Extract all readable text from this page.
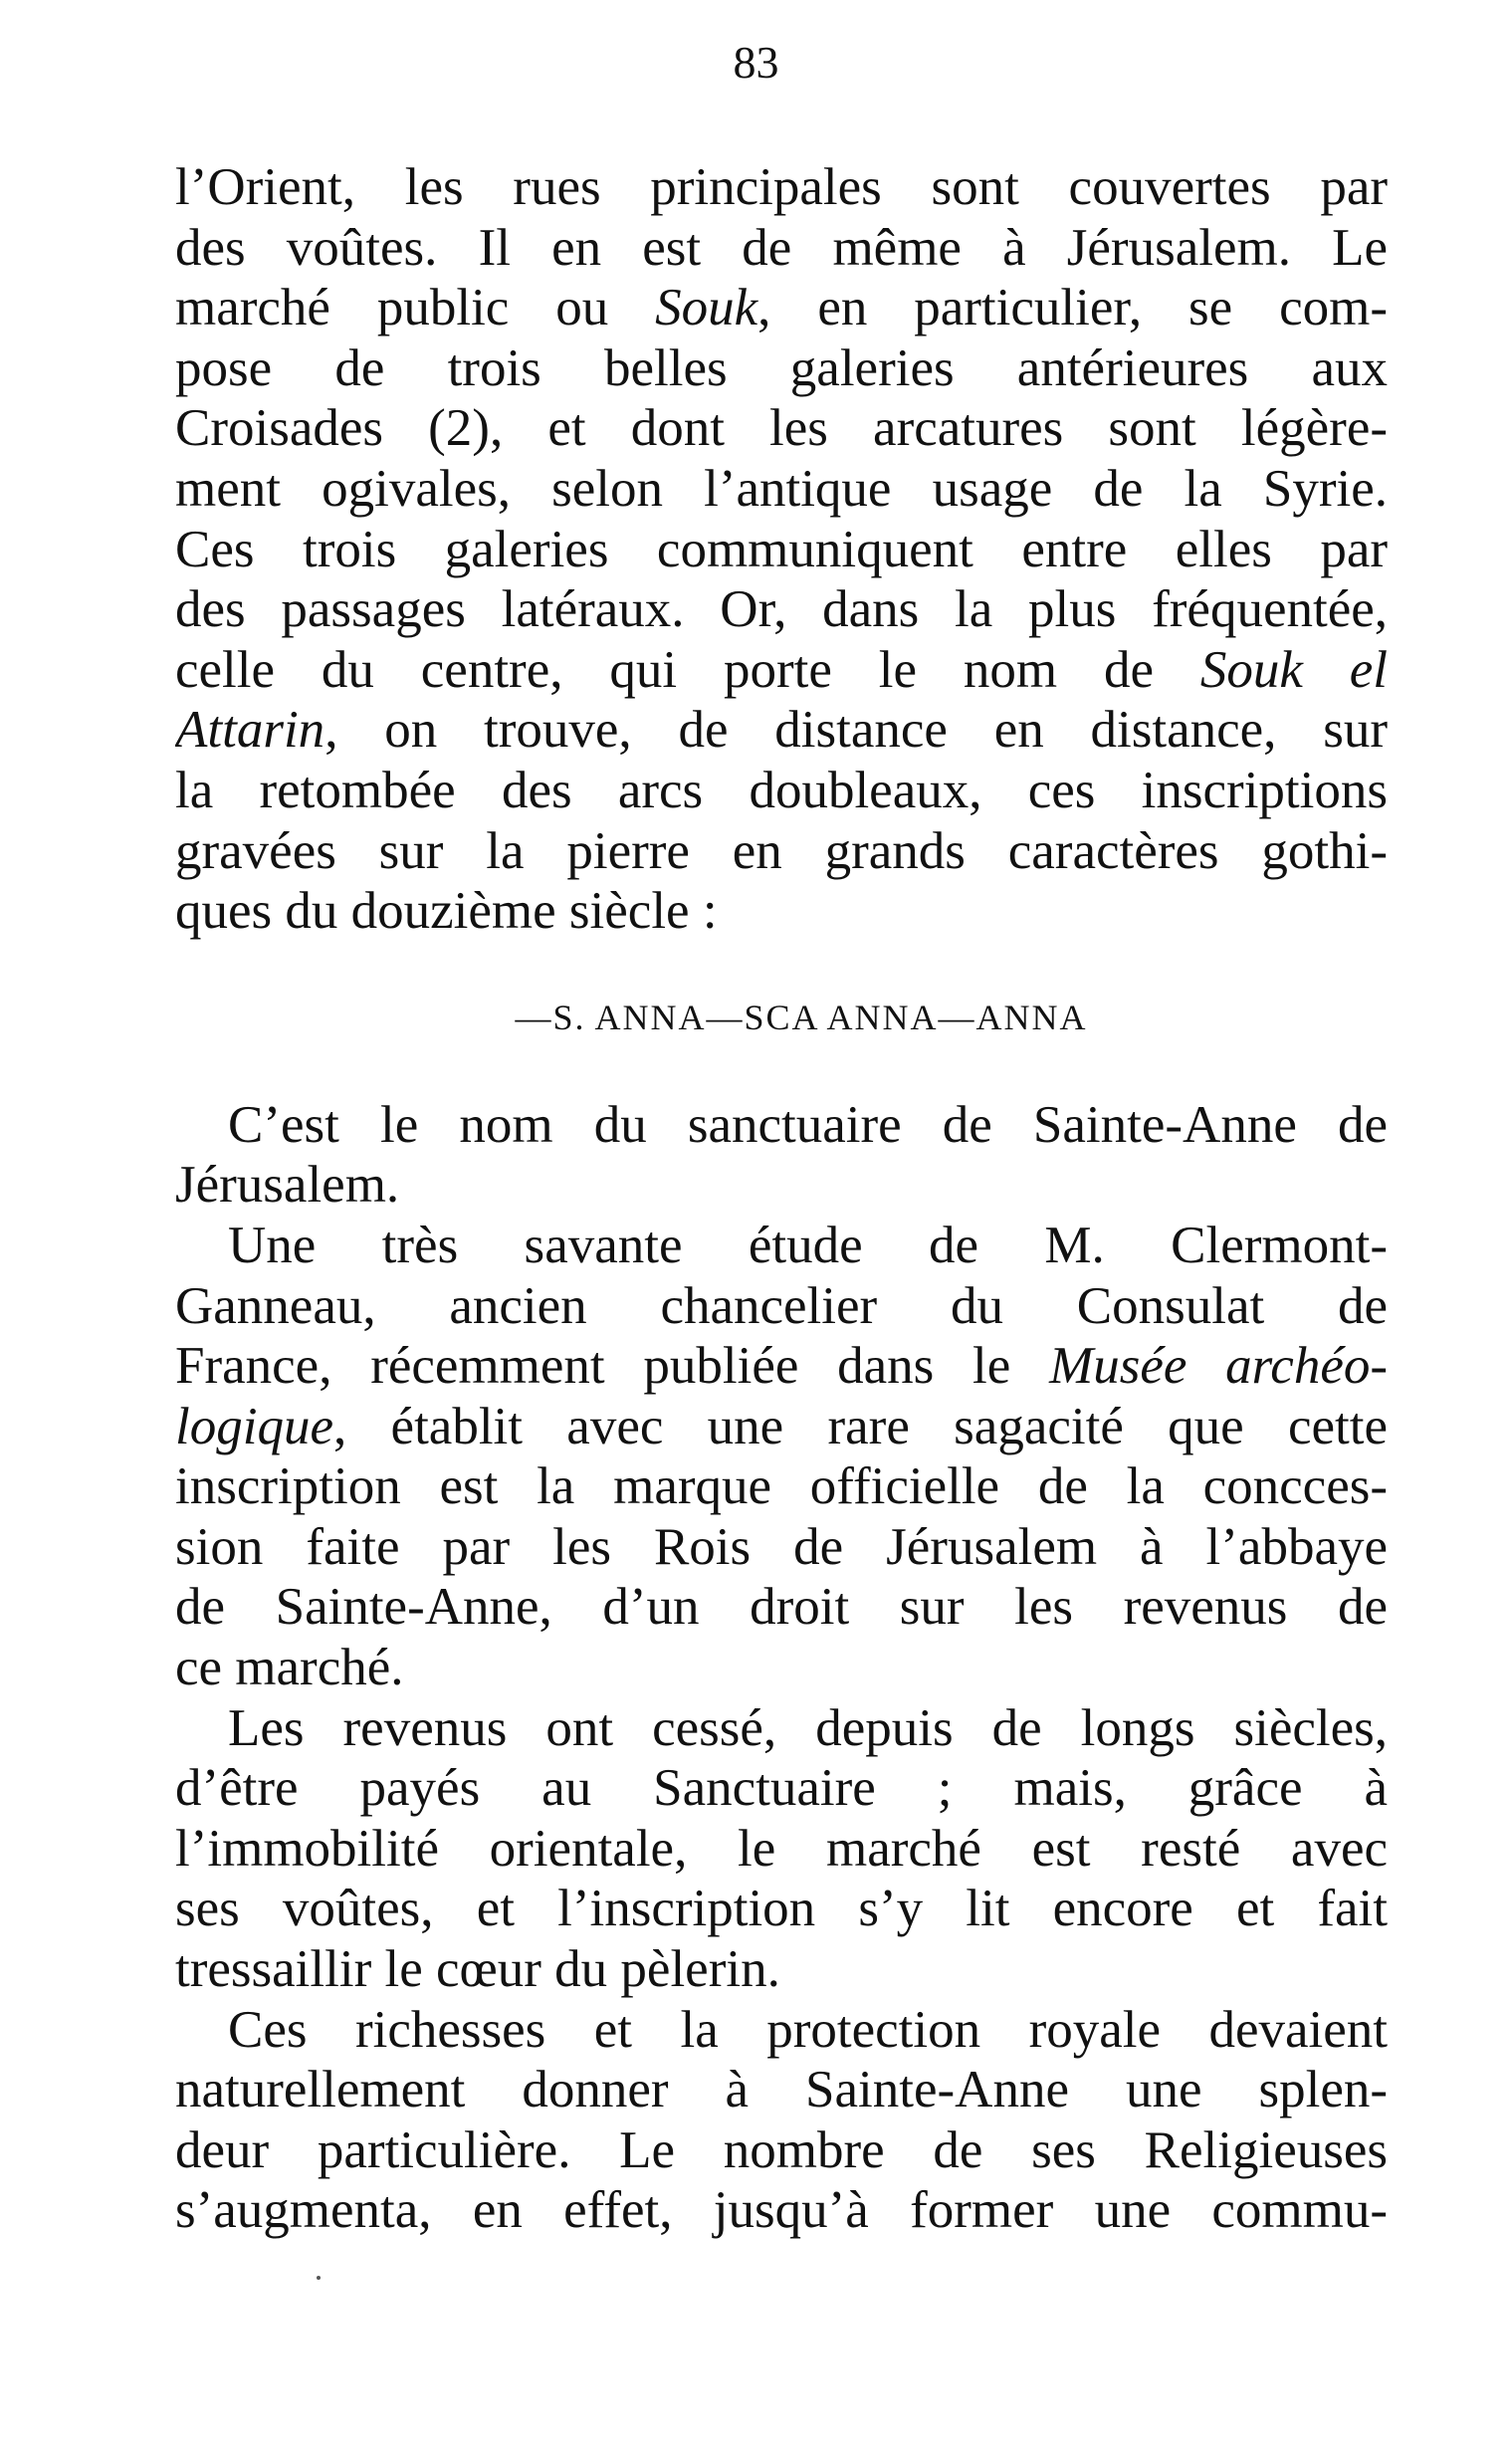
83
l’Orient, les rues principales sont couvertes par
des voûtes. Il en est de même à Jérusalem. Le
marché public ou Souk, en particulier, se com-
pose de trois belles galeries antérieures aux
Croisades (2), et dont les arcatures sont légère-
ment ogivales, selon l’antique usage de la Syrie.
Ces trois galeries communiquent entre elles par
des passages latéraux. Or, dans la plus fréquentée,
celle du centre, qui porte le nom de Souk el
Attarin, on trouve, de distance en distance, sur
la retombée des arcs doubleaux, ces inscriptions
gravées sur la pierre en grands caractères gothi-
ques du douzième siècle :
—S. ANNA—SCA ANNA—ANNA
C’est le nom du sanctuaire de Sainte-Anne de
Jérusalem.
Une très savante étude de M. Clermont-
Ganneau, ancien chancelier du Consulat de
France, récemment publiée dans le Musée archéo-
logique, établit avec une rare sagacité que cette
inscription est la marque officielle de la concces-
sion faite par les Rois de Jérusalem à l’abbaye
de Sainte-Anne, d’un droit sur les revenus de
ce marché.
Les revenus ont cessé, depuis de longs siècles,
d’être payés au Sanctuaire ; mais, grâce à
l’immobilité orientale, le marché est resté avec
ses voûtes, et l’inscription s’y lit encore et fait
tressaillir le cœur du pèlerin.
Ces richesses et la protection royale devaient
naturellement donner à Sainte-Anne une splen-
deur particulière. Le nombre de ses Religieuses
s’augmenta, en effet, jusqu’à former une commu-
